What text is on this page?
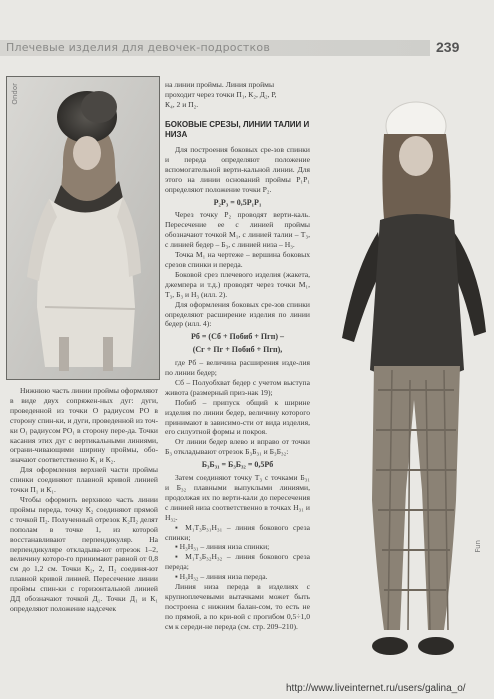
Плечевые изделия для девочек-подростков	239
Ondor
Fun

на линии проймы. Линия проймы

проходит через точки П₁, К₂, Д₂, Р,

К₄, 2 и П₂.

БОКОВЫЕ СРЕЗЫ, ЛИНИИ ТАЛИИ И НИЗА

Для построения боковых сре-зов спинки и переда определяют положение вспомогательной верти-кальной линии. Для этого на линии оснований проймы Р₁Р₁ определяют положение точки Р₂.

Р₂Р₃ = 0,5Р₁Р₁

Через точку Р₂ проводят верти-каль. Пересечение ее с линией проймы обозначают точкой М₁, с линией талии – Т₃, с линией бедер – Б₃, с линией низа – Н₃.

Точка М₁ на чертеже – вершина боковых срезов спинки и переда.

Боковой срез плечевого изделия (жакета, джемпера и т.д.) проводят через точки М₁, Т₃, Б₃ и Н₃ (илл. 2).

Для оформления боковых сре-зов спинки определяют расширение изделия по линии бедер (илл. 4):

Рб = (Сб + Побиб + Пгп) –
(Сг + Пг + Побиб + Пгп),

где Рб – величина расширения изде-лия по линии бедер;

Сб – Полуобхват бедер с учетом выступа живота (размерный приз-нак 19);

Побиб – припуск общий к ширине изделия по линии бедер, величину которого принимают в зависимо-сти от вида изделия, его силуэтной формы и покроя.

От линии бедер влево и вправо от точки Б₃ откладывают отрезок Б₃Б₃₁ и Б₃Б₃₂:

Б₃Б₃₁ = Б₃Б₃₂ = 0,5Рб

Затем соединяют точку Т₃ с точками Б₃₁ и Б₃₂ плавными выпуклыми линиями, продолжая их по верти-кали до пересечения с линией низа соответственно в точках Н₃₁ и Н₃₂.

▪ М₁Т₃Б₃₁Н₃₁ – линия бокового среза спинки;

▪ Н₃Н₃₁ – линия низа спинки;

▪ М₁Т₃Б₃₂Н₃₂ – линия бокового среза переда;

▪ Н₃Н₃₂ – линия низа переда.

Линия низа переда в изделиях с крупноплечевыми вытачками может быть построена с нижним балан-сом, то есть не по прямой, а по кри-вой с прогибом 0,5÷1,0 см к середи-не переда (см. стр. 209–210).

Нижнюю часть линии проймы оформляют в виде двух сопряжен-ных дуг: дуги, проведенной из точки О радиусом РО в сторону спин-ки, и дуги, проведенной из точ-ки О₁ радиусом РО₁ в сторону пере-да. Точки касания этих дуг с вертикальными линиями, ограни-чивающими ширину проймы, обо-значают соответственно К₁ и К₂.

Для оформления верхней части проймы спинки соединяют плавной кривой линией точки П₁ и К₁.

Чтобы оформить верхнюю часть линии проймы переда, точку К₂ соединяют прямой с точкой П₂. Полученный отрезок К₂П₂ делят пополам в точке 1, из которой восстанавливают перпендикуляр. На перпендикуляре откладыва-ют отрезок 1–2, величину которо-го принимают равной от 0,8 см до 1,2 см. Точки К₂, 2, П₂ соединя-ют плавной кривой линией. Пересечение линии проймы спин-ки с горизонтальной линией ДД обозначают точкой Д₁. Точки Д₁ и К₁ определяют положение надсечек

http://www.liveinternet.ru/users/galina_o/
